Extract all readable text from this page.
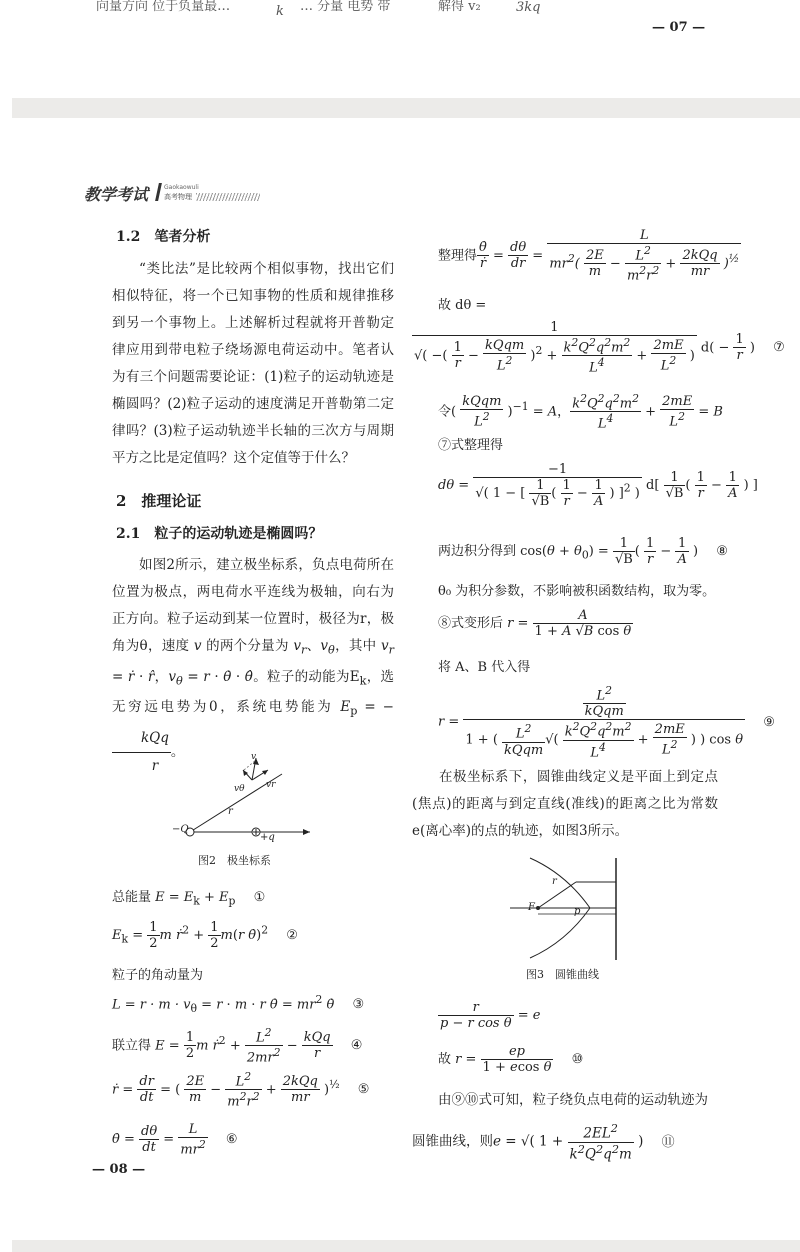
向量方向 位于负量最…	k … 分量 电势 带	解得 v₂	3kq
— 07 —
教学考试	Gaokaowuli
高考物理
1.2　笔者分析
“类比法”是比较两个相似事物，找出它们相似特征，将一个已知事物的性质和规律推移到另一个事物上。上述解析过程就将开普勒定律应用到带电粒子绕场源电荷运动中。笔者认为有三个问题需要论证：(1)粒子的运动轨迹是椭圆吗？(2)粒子运动的速度满足开普勒第二定律吗？(3)粒子运动轨迹半长轴的三次方与周期平方之比是定值吗？这个定值等于什么？
2　推理论证
2.1　粒子的运动轨迹是椭圆吗？
如图2所示，建立极坐标系，负点电荷所在位置为极点，两电荷水平连线为极轴，向右为正方向。粒子运动到某一位置时，极径为r，极角为θ，速度 v 的两个分量为 $v_r$、$v_\theta$，其中 $v_r$ = ṙ · r̂，$v_\theta = r$ · θ̇ · θ̂。粒子的动能为$E_k$，选无穷远电势为0，系统电势能为 $E_p$ = −
$\frac{\text{kQq}}{r}$ 。	v
vθ vr
r
−Q
+q
图2　极坐标系
总能量 $E = E_k + E_p$ ①
$E_k = \frac{1}{2}$ m ṙ$^2$ + $\frac{1}{2} m(r$ θ̇)$^2$ ②
粒子的角动量为
$L = r \cdot m \cdot v_\theta = r \cdot m \cdot r$ θ̇ = $mr^2$ θ̇ ③
联立得 $E = \frac{1}{2}$ m ṙ$^2$ + $\frac{L^2}{2mr^2} - \frac{\text{kQq}}{r}$ ④
ṙ = $\frac{dr}{dt}$ = ( $\frac{2E}{m} - \frac{L^2}{m^2r^2} + \frac{\text{2kQq}}{mr} )^{\frac{1}{2}}$ ⑤
θ̇ = $\frac{d\theta}{dt} = \frac{L}{mr^2}$ ⑥
— 08 —
整理得 $\frac{\thetȧ}{\text{ṙ}} = \frac{d\theta}{dr} = \frac{L}{mr^2( \frac{2E}{m} - \frac{L^2}{m^2r^2} + \frac{\text{2kQq}}{mr} )^{\frac{1}{2}}}$
故 dθ =
$\frac{1}{√( -( \frac{1}{r} - \frac{\text{kQqm}}{L^2} )^2 + \frac{k^2Q^2q^2m^2}{L^4} + \frac{2mE}{L^2} )} d( - \frac{1}{r}$ ) ⑦
令( $\frac{\text{kQqm}}{L^2} )^{-1} = A$， $\frac{k^2Q^2q^2m^2}{L^4} + \frac{2mE}{L^2} = B$
⑦式整理得
$d\theta = \frac{-1}{√( 1 - [ \frac{1}{√B} ( \frac{1}{r} - \frac{1}{A} ) ]^2 )} d[ \frac{1}{√B}$ ( $\frac{1}{r} - \frac{1}{A}$ ) ]
两边积分得到 $\cos(\theta + \theta_0) = \frac{1}{√B}$ ( $\frac{1}{r} - \frac{1}{A}$ ) ⑧
θ₀ 为积分参数，不影响被积函数结构，取为零。
⑧式变形后 $r = \frac{A}{\text{1 + A √B cos θ}}$
将 A、B 代入得
$r = \frac{\frac{L^2}{\text{kQqm}}}{1 + ( \frac{L^2}{\text{kQqm}} √( \frac{k^2Q^2q^2m^2}{L^4} + \frac{2mE}{L^2} ) ) \cos \theta}$ ⑨
在极坐标系下，圆锥曲线定义是平面上到定点(焦点)的距离与到定直线(准线)的距离之比为常数 e(离心率)的点的轨迹，如图3所示。
r
F	p
图3　圆锥曲线
$\frac{r}{\text{p − r cos θ}} = e$
故 $r = \frac{ep}{\text{1 + ecos θ}}$ ⑩
由⑨⑩式可知，粒子绕负点电荷的运动轨迹为
圆锥曲线，则e = √( $1 + \frac{2EL^2}{k^2Q^2q^2m}$ ) ⑪
